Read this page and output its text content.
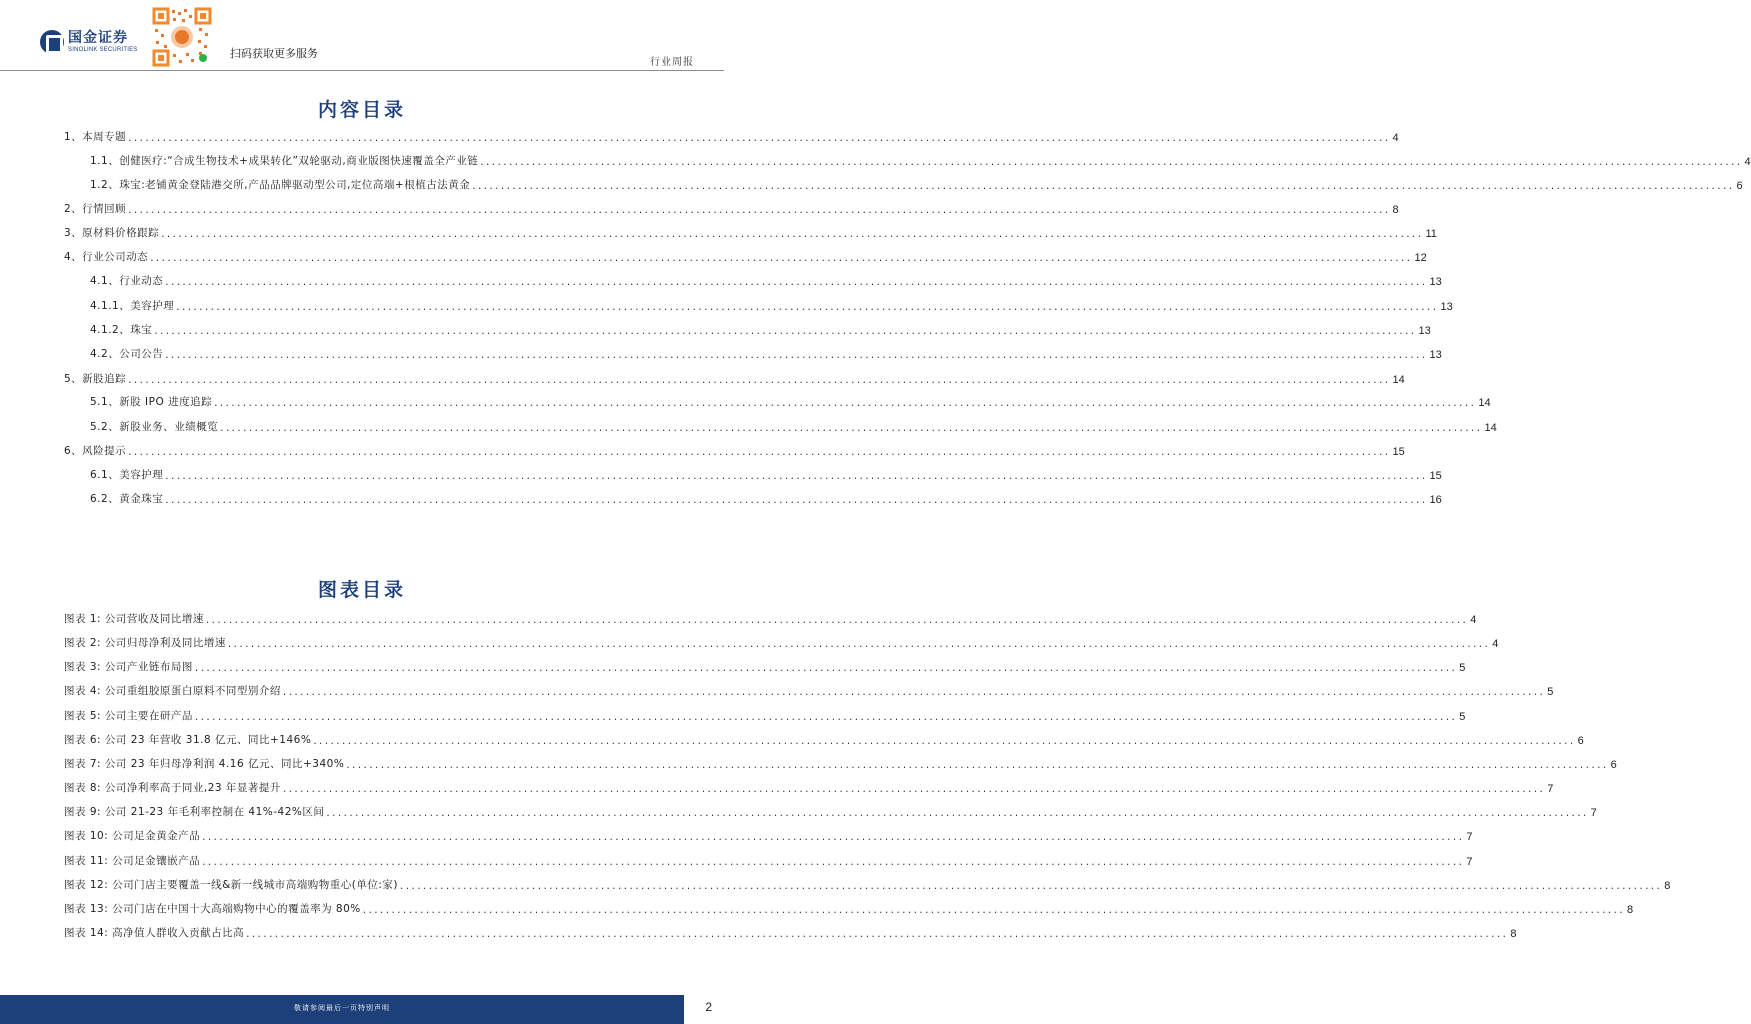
国金证券
SINOLINK SECURITIES	扫码获取更多服务
行业周报
内容目录
1、本周专题 ............................................................................................................................................................................................................................ 4
1.1、创健医疗:“合成生物技术+成果转化”双轮驱动,商业版图快速覆盖全产业链 ............................................................................................................................................................................................................................ 4
1.2、珠宝:老铺黄金登陆港交所,产品品牌驱动型公司,定位高端+根植古法黄金 ............................................................................................................................................................................................................................ 6
2、行情回顾 ............................................................................................................................................................................................................................ 8
3、原材料价格跟踪 ............................................................................................................................................................................................................................ 11
4、行业公司动态 ............................................................................................................................................................................................................................ 12
4.1、行业动态 ............................................................................................................................................................................................................................ 13
4.1.1、美容护理 ............................................................................................................................................................................................................................ 13
4.1.2、珠宝 ............................................................................................................................................................................................................................ 13
4.2、公司公告 ............................................................................................................................................................................................................................ 13
5、新股追踪 ............................................................................................................................................................................................................................ 14
5.1、新股 IPO 进度追踪 ............................................................................................................................................................................................................................ 14
5.2、新股业务、业绩概览 ............................................................................................................................................................................................................................ 14
6、风险提示 ............................................................................................................................................................................................................................ 15
6.1、美容护理 ............................................................................................................................................................................................................................ 15
6.2、黄金珠宝 ............................................................................................................................................................................................................................ 16
图表目录
图表 1: 公司营收及同比增速 ............................................................................................................................................................................................................................ 4
图表 2: 公司归母净利及同比增速 ............................................................................................................................................................................................................................ 4
图表 3: 公司产业链布局图 ............................................................................................................................................................................................................................ 5
图表 4: 公司重组胶原蛋白原料不同型别介绍 ............................................................................................................................................................................................................................ 5
图表 5: 公司主要在研产品 ............................................................................................................................................................................................................................ 5
图表 6: 公司 23 年营收 31.8 亿元、同比+146% ............................................................................................................................................................................................................................ 6
图表 7: 公司 23 年归母净利润 4.16 亿元、同比+340% ............................................................................................................................................................................................................................ 6
图表 8: 公司净利率高于同业,23 年显著提升 ............................................................................................................................................................................................................................ 7
图表 9: 公司 21-23 年毛利率控制在 41%-42%区间 ............................................................................................................................................................................................................................ 7
图表 10: 公司足金黄金产品 ............................................................................................................................................................................................................................ 7
图表 11: 公司足金镶嵌产品 ............................................................................................................................................................................................................................ 7
图表 12: 公司门店主要覆盖一线&新一线城市高端购物重心(单位:家) ............................................................................................................................................................................................................................ 8
图表 13: 公司门店在中国十大高端购物中心的覆盖率为 80% ............................................................................................................................................................................................................................ 8
图表 14: 高净值人群收入贡献占比高 ............................................................................................................................................................................................................................ 8
敬请参阅最后一页特别声明	2
